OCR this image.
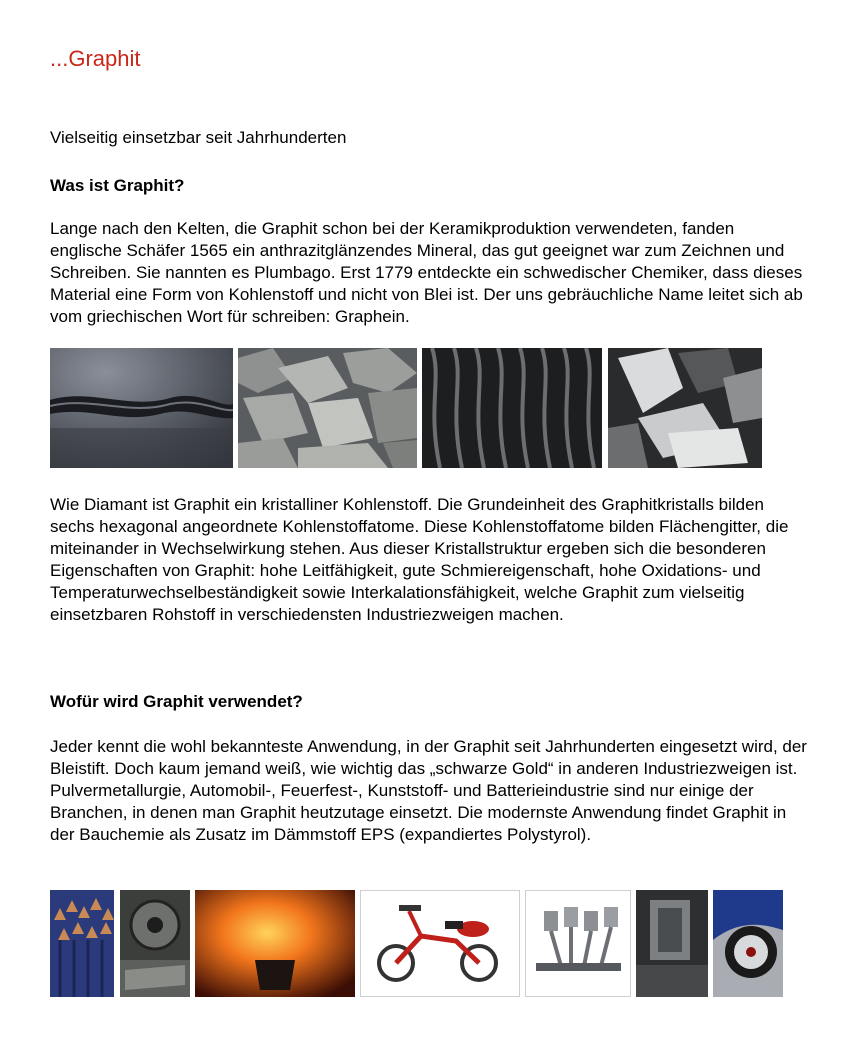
...Graphit
Vielseitig einsetzbar seit Jahrhunderten
Was ist Graphit?
Lange nach den Kelten, die Graphit schon bei der Keramikproduktion verwendeten, fanden englische Schäfer 1565 ein anthrazitglänzendes Mineral, das gut geeignet war zum Zeichnen und Schreiben. Sie nannten es Plumbago. Erst 1779 entdeckte ein schwedischer Chemiker, dass dieses Material eine Form von Kohlenstoff und nicht von Blei ist. Der uns gebräuchliche Name leitet sich ab vom griechischen Wort für schreiben: Graphein.
Wie Diamant ist Graphit ein kristalliner Kohlenstoff. Die Grundeinheit des Graphitkristalls bilden sechs hexagonal angeordnete Kohlenstoffatome. Diese Kohlenstoffatome bilden Flächengitter, die miteinander in Wechselwirkung stehen. Aus dieser Kristallstruktur ergeben sich die besonderen Eigenschaften von Graphit: hohe Leitfähigkeit, gute Schmiereigenschaft, hohe Oxidations- und Temperaturwechselbeständigkeit sowie Interkalationsfähigkeit, welche Graphit zum vielseitig einsetzbaren Rohstoff in verschiedensten Industriezweigen machen.
Wofür wird Graphit verwendet?
Jeder kennt die wohl bekannteste Anwendung, in der Graphit seit Jahrhunderten eingesetzt wird, der Bleistift. Doch kaum jemand weiß, wie wichtig das „schwarze Gold“ in anderen Industriezweigen ist. Pulvermetallurgie, Automobil-, Feuerfest-, Kunststoff- und Batterieindustrie sind nur einige der Branchen, in denen man Graphit heutzutage einsetzt. Die modernste Anwendung findet Graphit in der Bauchemie als Zusatz im Dämmstoff EPS (expandiertes Polystyrol).
